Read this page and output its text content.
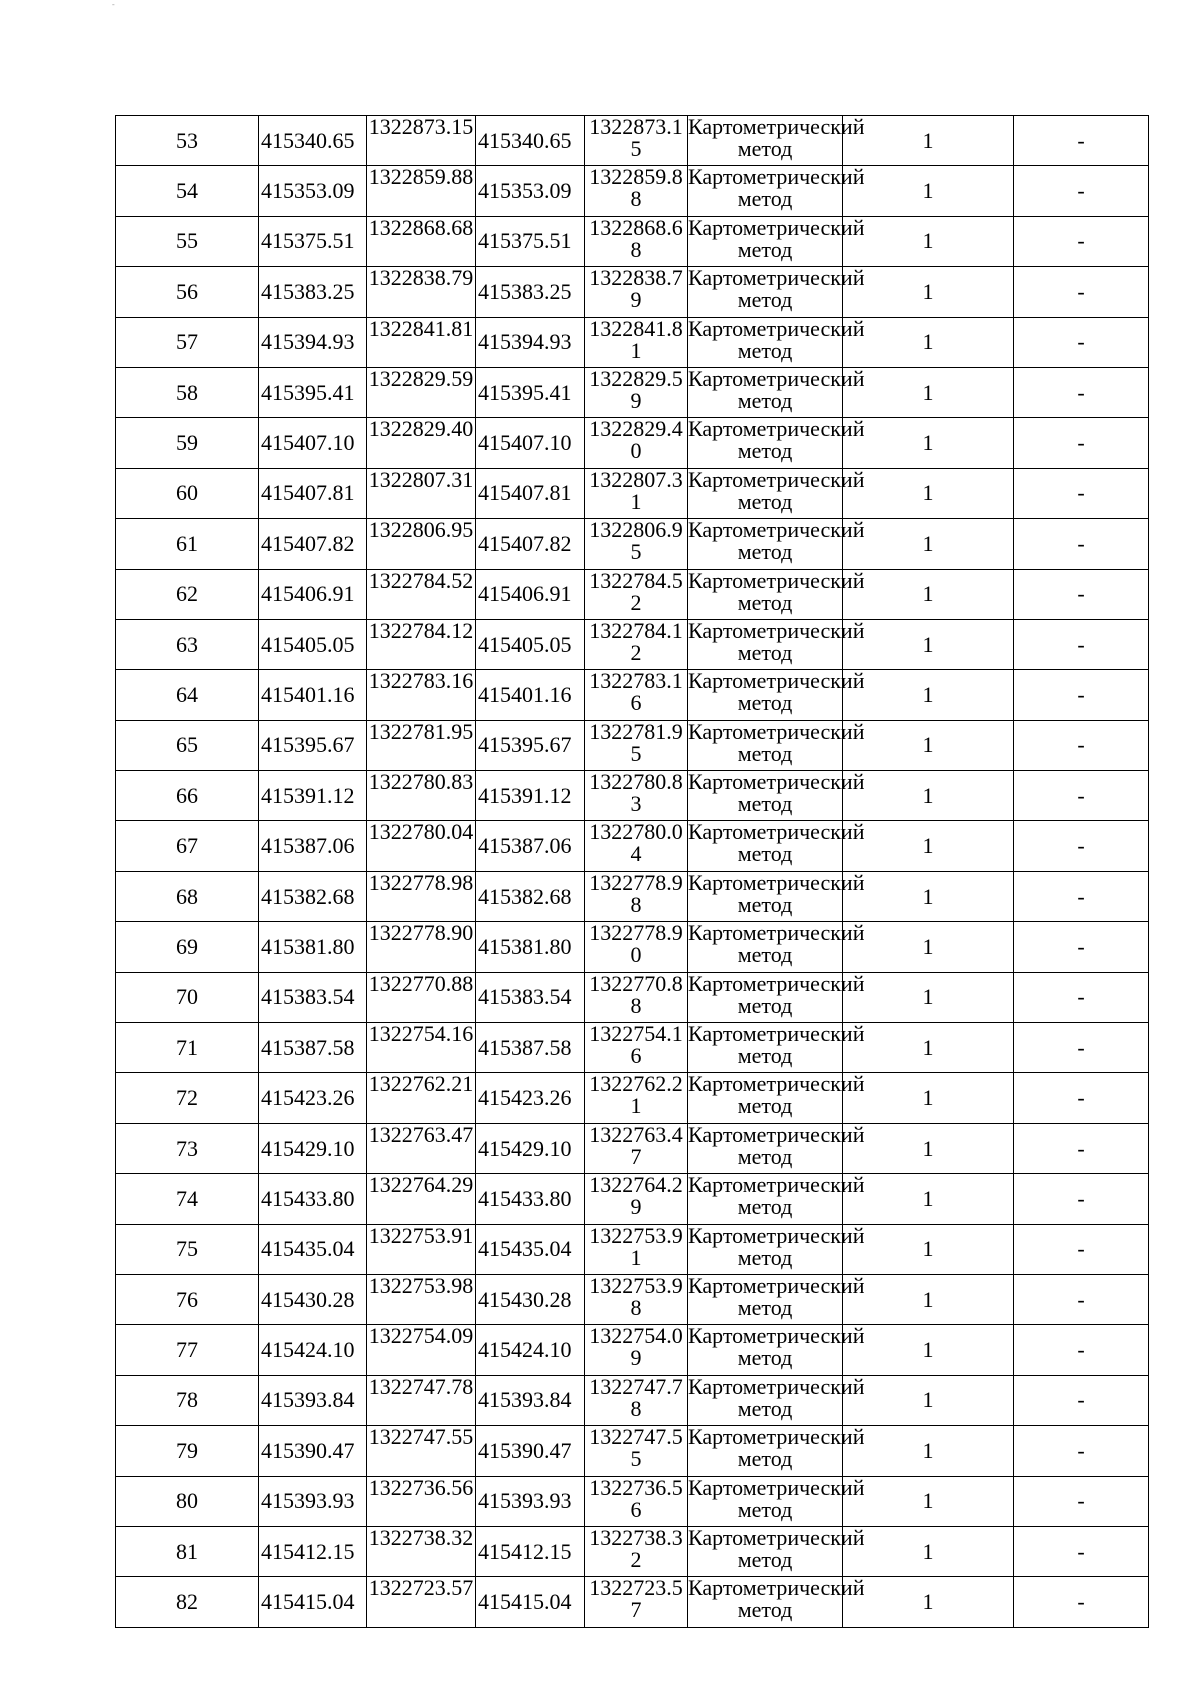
-
53	415340.65	1322873.15	415340.65	1322873.15	Картометрический метод	1	-
54	415353.09	1322859.88	415353.09	1322859.88	Картометрический метод	1	-
55	415375.51	1322868.68	415375.51	1322868.68	Картометрический метод	1	-
56	415383.25	1322838.79	415383.25	1322838.79	Картометрический метод	1	-
57	415394.93	1322841.81	415394.93	1322841.81	Картометрический метод	1	-
58	415395.41	1322829.59	415395.41	1322829.59	Картометрический метод	1	-
59	415407.10	1322829.40	415407.10	1322829.40	Картометрический метод	1	-
60	415407.81	1322807.31	415407.81	1322807.31	Картометрический метод	1	-
61	415407.82	1322806.95	415407.82	1322806.95	Картометрический метод	1	-
62	415406.91	1322784.52	415406.91	1322784.52	Картометрический метод	1	-
63	415405.05	1322784.12	415405.05	1322784.12	Картометрический метод	1	-
64	415401.16	1322783.16	415401.16	1322783.16	Картометрический метод	1	-
65	415395.67	1322781.95	415395.67	1322781.95	Картометрический метод	1	-
66	415391.12	1322780.83	415391.12	1322780.83	Картометрический метод	1	-
67	415387.06	1322780.04	415387.06	1322780.04	Картометрический метод	1	-
68	415382.68	1322778.98	415382.68	1322778.98	Картометрический метод	1	-
69	415381.80	1322778.90	415381.80	1322778.90	Картометрический метод	1	-
70	415383.54	1322770.88	415383.54	1322770.88	Картометрический метод	1	-
71	415387.58	1322754.16	415387.58	1322754.16	Картометрический метод	1	-
72	415423.26	1322762.21	415423.26	1322762.21	Картометрический метод	1	-
73	415429.10	1322763.47	415429.10	1322763.47	Картометрический метод	1	-
74	415433.80	1322764.29	415433.80	1322764.29	Картометрический метод	1	-
75	415435.04	1322753.91	415435.04	1322753.91	Картометрический метод	1	-
76	415430.28	1322753.98	415430.28	1322753.98	Картометрический метод	1	-
77	415424.10	1322754.09	415424.10	1322754.09	Картометрический метод	1	-
78	415393.84	1322747.78	415393.84	1322747.78	Картометрический метод	1	-
79	415390.47	1322747.55	415390.47	1322747.55	Картометрический метод	1	-
80	415393.93	1322736.56	415393.93	1322736.56	Картометрический метод	1	-
81	415412.15	1322738.32	415412.15	1322738.32	Картометрический метод	1	-
82	415415.04	1322723.57	415415.04	1322723.57	Картометрический метод	1	-
